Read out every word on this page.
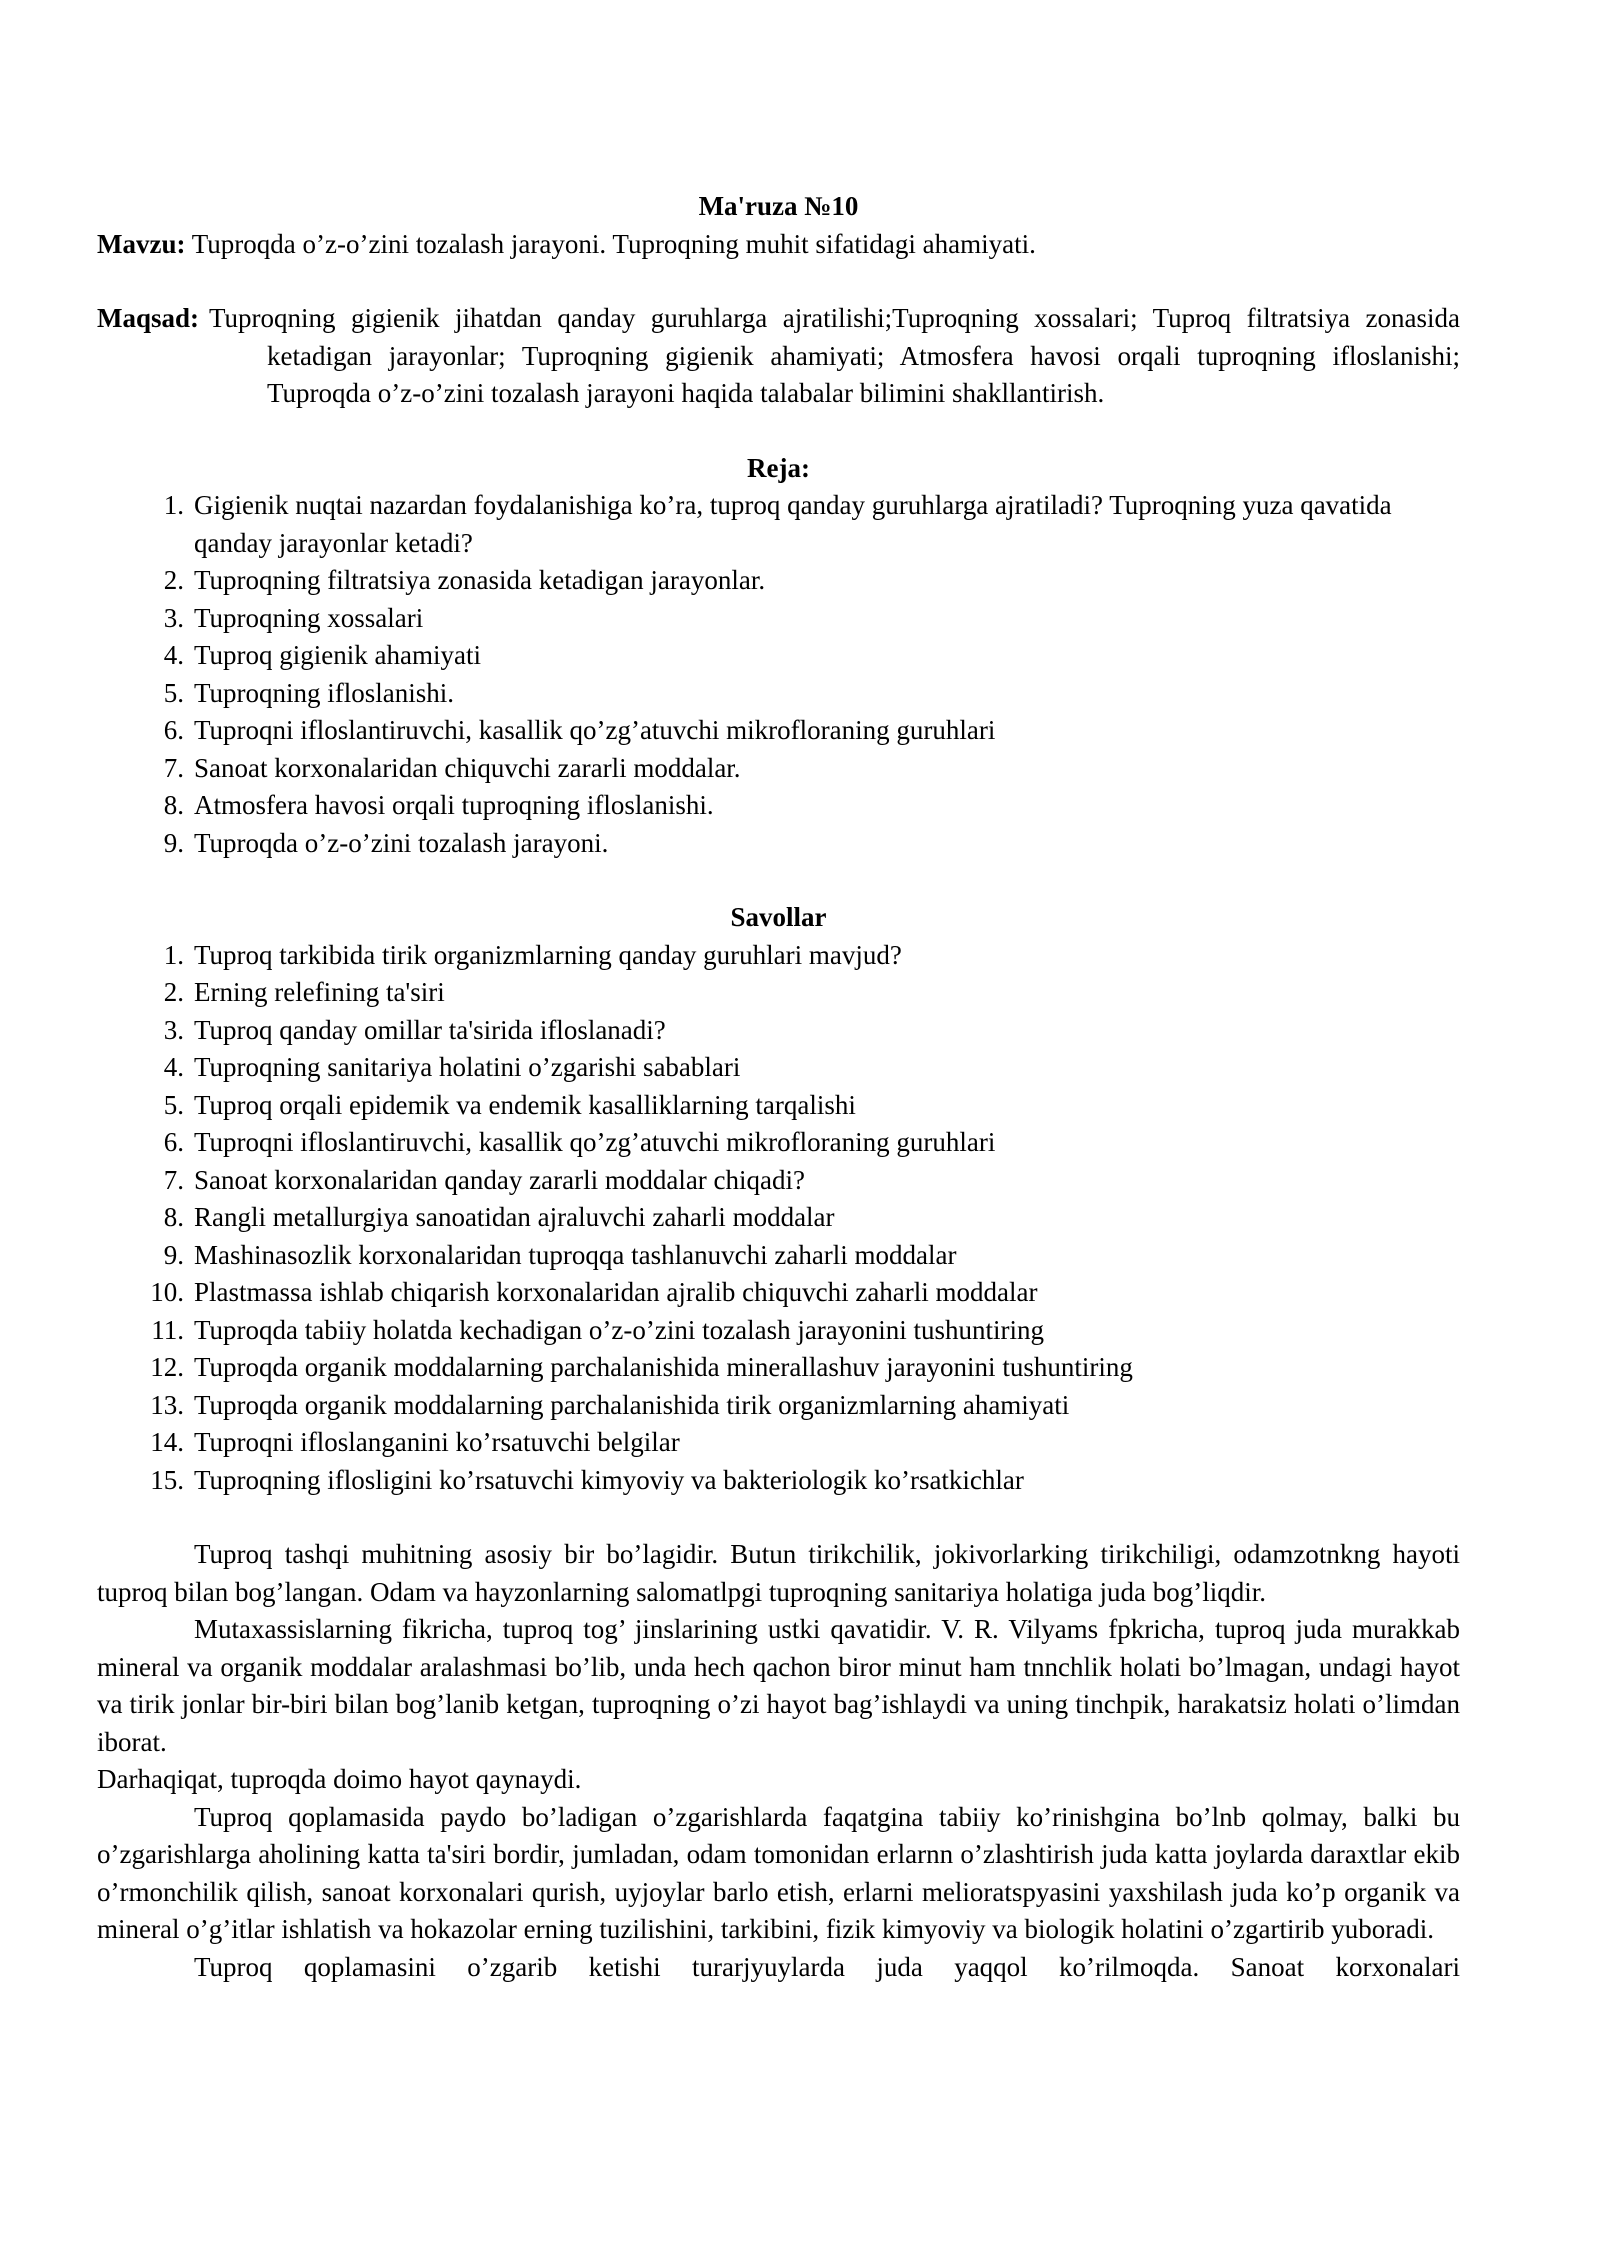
Ma'ruza №10

Mavzu: Tuproqda o’z-o’zini tozalash jarayoni. Tuproqning muhit sifatidagi ahamiyati.

Maqsad: Tuproqning gigienik jihatdan qanday guruhlarga ajratilishi;Tuproqning xossalari; Tuproq filtratsiya zonasida ketadigan jarayonlar; Tuproqning gigienik ahamiyati; Atmosfera havosi orqali tuproqning ifloslanishi; Tuproqda o’z-o’zini tozalash jarayoni haqida talabalar bilimini shakllantirish.

Reja:

1. Gigienik nuqtai nazardan foydalanishiga ko’ra, tuproq qanday guruhlarga ajratiladi? Tuproqning yuza qavatida qanday jarayonlar ketadi?
2. Tuproqning filtratsiya zonasida ketadigan jarayonlar.
3. Tuproqning xossalari
4. Tuproq gigienik ahamiyati
5. Tuproqning ifloslanishi.
6. Tuproqni ifloslantiruvchi, kasallik qo’zg’atuvchi mikrofloraning guruhlari
7. Sanoat korxonalaridan chiquvchi zararli moddalar.
8. Atmosfera havosi orqali tuproqning ifloslanishi.
9. Tuproqda o’z-o’zini tozalash jarayoni.

Savollar

1. Tuproq tarkibida tirik organizmlarning qanday guruhlari mavjud?
2. Erning relefining ta'siri
3. Tuproq qanday omillar ta'sirida ifloslanadi?
4. Tuproqning sanitariya holatini o’zgarishi sabablari
5. Tuproq orqali epidemik va endemik kasalliklarning tarqalishi
6. Tuproqni ifloslantiruvchi, kasallik qo’zg’atuvchi mikrofloraning guruhlari
7. Sanoat korxonalaridan qanday zararli moddalar chiqadi?
8. Rangli metallurgiya sanoatidan ajraluvchi zaharli moddalar
9. Mashinasozlik korxonalaridan tuproqqa tashlanuvchi zaharli moddalar
10. Plastmassa ishlab chiqarish korxonalaridan ajralib chiquvchi zaharli moddalar
11. Tuproqda tabiiy holatda kechadigan o’z-o’zini tozalash jarayonini tushuntiring
12. Tuproqda organik moddalarning parchalanishida minerallashuv jarayonini tushuntiring
13. Tuproqda organik moddalarning parchalanishida tirik organizmlarning ahamiyati
14. Tuproqni ifloslanganini ko’rsatuvchi belgilar
15. Tuproqning iflosligini ko’rsatuvchi kimyoviy va bakteriologik ko’rsatkichlar

Tuproq tashqi muhitning asosiy bir bo’lagidir. Butun tirikchilik, jokivorlarking tirikchiligi, odamzotnkng hayoti tuproq bilan bog’langan. Odam va hayzonlarning salomatlpgi tuproqning sanitariya holatiga juda bog’liqdir.

Mutaxassislarning fikricha, tuproq tog’ jinslarining ustki qavatidir. V. R. Vilyams fpkricha, tuproq juda murakkab mineral va organik moddalar aralashmasi bo’lib, unda hech qachon biror minut ham tnnchlik holati bo’lmagan, undagi hayot va tirik jonlar bir-biri bilan bog’lanib ketgan, tuproqning o’zi hayot bag’ishlaydi va uning tinchpik, harakatsiz holati o’limdan iborat.

Darhaqiqat, tuproqda doimo hayot qaynaydi.

Tuproq qoplamasida paydo bo’ladigan o’zgarishlarda faqatgina tabiiy ko’rinishgina bo’lnb qolmay, balki bu o’zgarishlarga aholining katta ta'siri bordir, jumladan, odam tomonidan erlarnn o’zlashtirish juda katta joylarda daraxtlar ekib o’rmonchilik qilish, sanoat korxonalari qurish, uyjoylar barlo etish, erlarni melioratspyasini yaxshilash juda ko’p organik va mineral o’g’itlar ishlatish va hokazolar erning tuzilishini, tarkibini, fizik kimyoviy va biologik holatini o’zgartirib yuboradi.

Tuproq qoplamasini o’zgarib ketishi turarjyuylarda juda yaqqol ko’rilmoqda. Sanoat korxonalari
